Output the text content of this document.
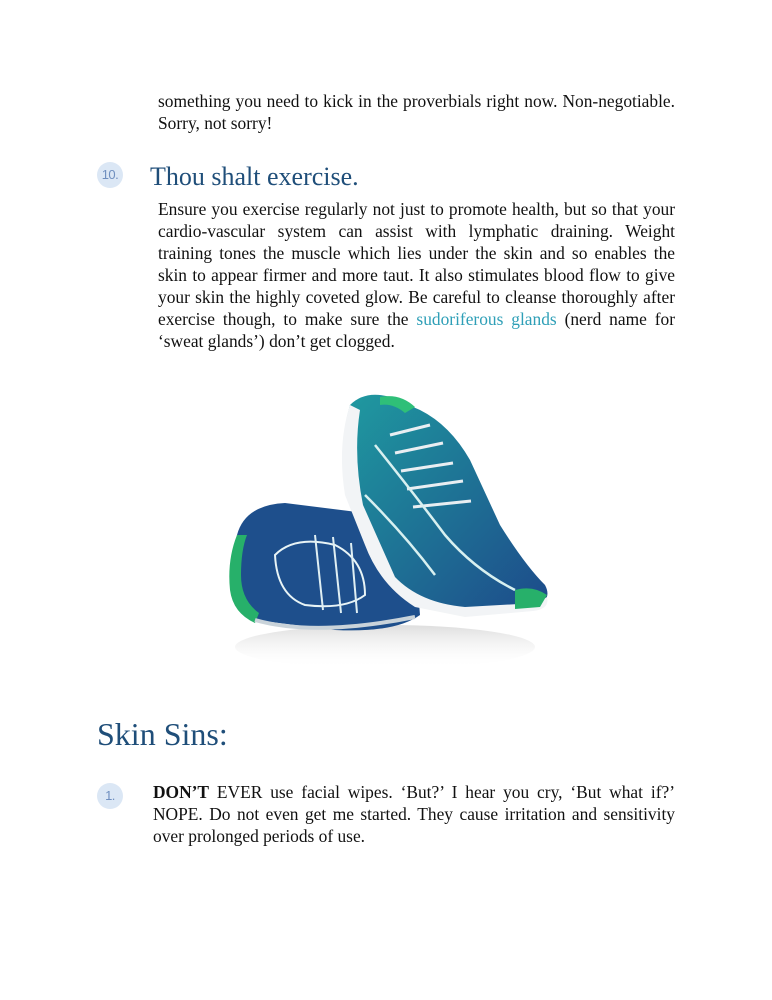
something you need to kick in the proverbials right now. Non-negotiable. Sorry, not sorry!

10. Thou shalt exercise.

Ensure you exercise regularly not just to promote health, but so that your cardio-vascular system can assist with lymphatic draining. Weight training tones the muscle which lies under the skin and so enables the skin to appear firmer and more taut. It also stimulates blood flow to give your skin the highly coveted glow. Be careful to cleanse thoroughly after exercise though, to make sure the sudoriferous glands (nerd name for ‘sweat glands’) don’t get clogged.

Skin Sins:
1.	DON’T EVER use facial wipes. ‘But?’ I hear you cry, ‘But what if?’ NOPE. Do not even get me started. They cause irritation and sensitivity over prolonged periods of use.
